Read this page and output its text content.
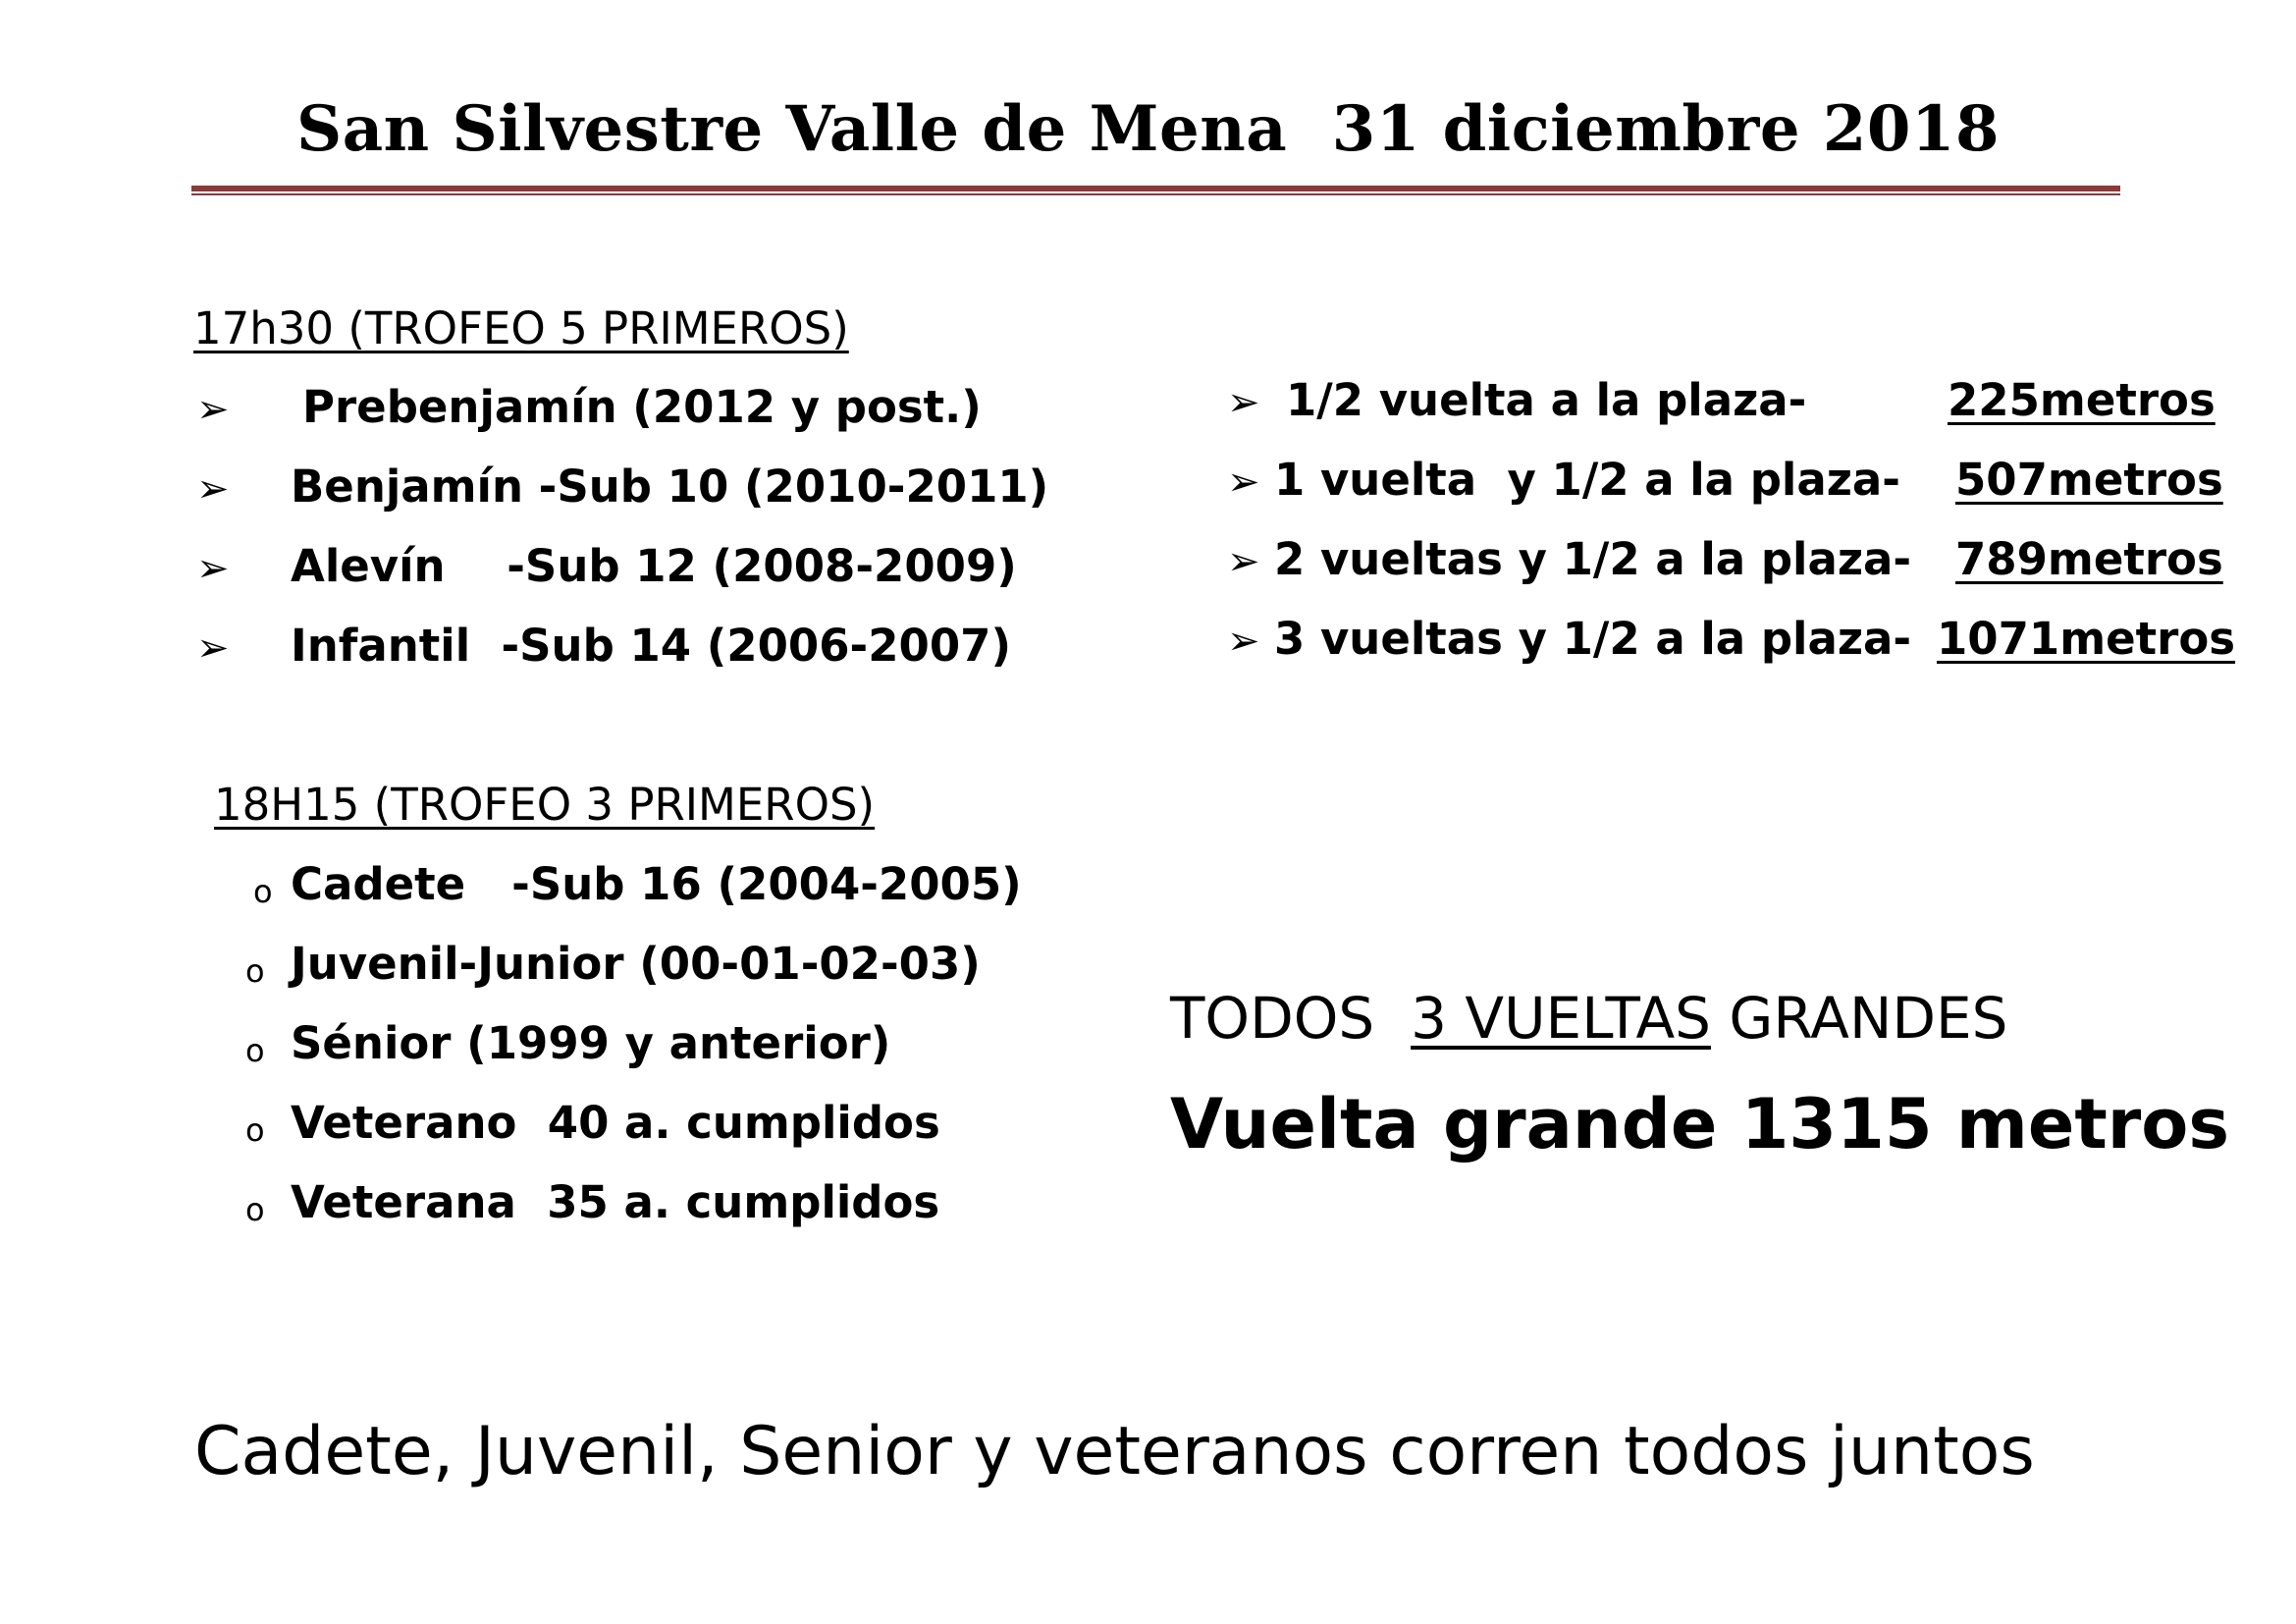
San Silvestre Valle de Mena  31 diciembre 2018
17h30 (TROFEO 5 PRIMEROS)
➢ Prebenjamín (2012 y post.)
➢ Benjamín -Sub 10 (2010-2011)
➢ Alevín    -Sub 12 (2008-2009)
➢ Infantil  -Sub 14 (2006-2007)
➢ 1/2 vuelta a la plaza-	225metros
➢ 1 vuelta  y 1/2 a la plaza- 507metros
➢ 2 vueltas y 1/2 a la plaza- 789metros
➢ 3 vueltas y 1/2 a la plaza- 1071metros
18H15 (TROFEO 3 PRIMEROS)
o Cadete   -Sub 16 (2004-2005)
o Juvenil-Junior (00-01-02-03)
o Sénior (1999 y anterior)
o Veterano  40 a. cumplidos
o Veterana  35 a. cumplidos
TODOS  3 VUELTAS GRANDES
Vuelta grande 1315 metros
Cadete, Juvenil, Senior y veteranos corren todos juntos
